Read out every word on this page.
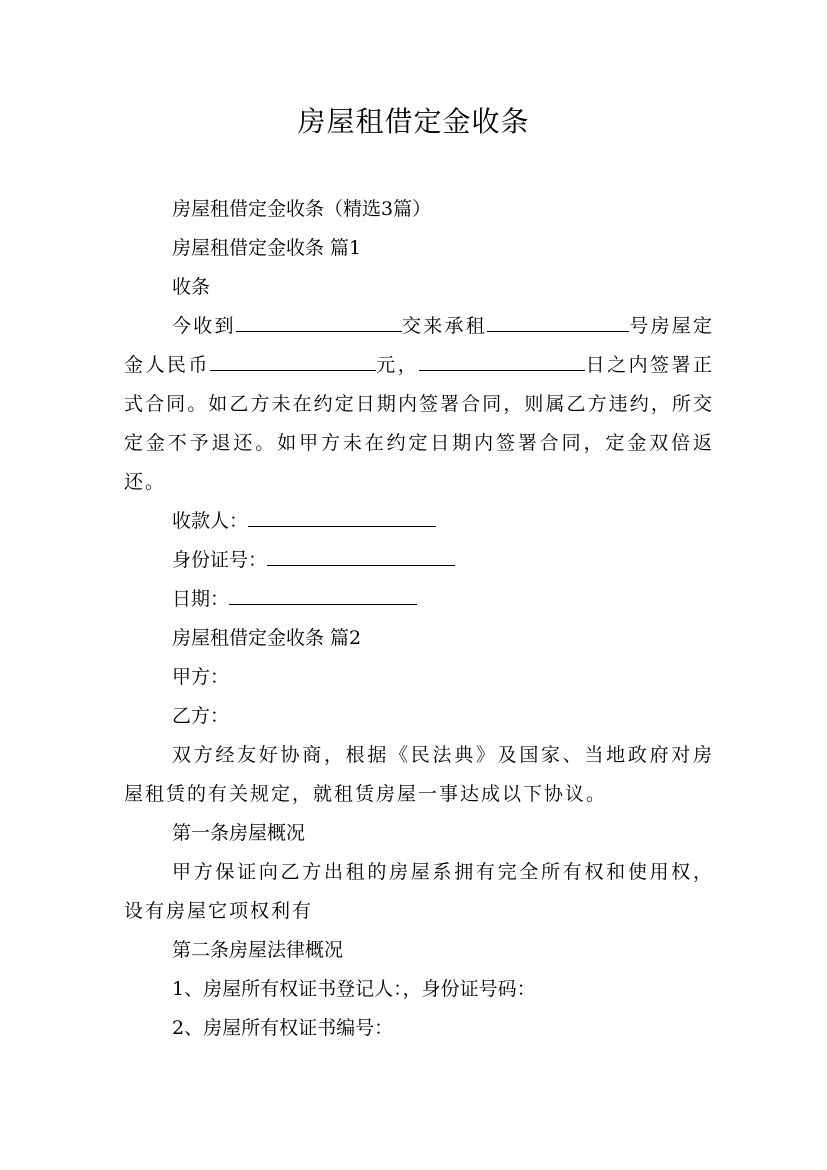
房屋租借定金收条

房屋租借定金收条（精选3篇）

房屋租借定金收条 篇1

收条

今收到	交来承租	号房屋定金人民币	元，	日之内签署正式合同。如乙方未在约定日期内签署合同，则属乙方违约，所交定金不予退还。如甲方未在约定日期内签署合同，定金双倍返还。

收款人：

身份证号：

日期：

房屋租借定金收条 篇2

甲方：

乙方：

双方经友好协商，根据《民法典》及国家、当地政府对房屋租赁的有关规定，就租赁房屋一事达成以下协议。

第一条房屋概况

甲方保证向乙方出租的房屋系拥有完全所有权和使用权，设有房屋它项权利有

第二条房屋法律概况

1、房屋所有权证书登记人：，身份证号码：

2、房屋所有权证书编号：
